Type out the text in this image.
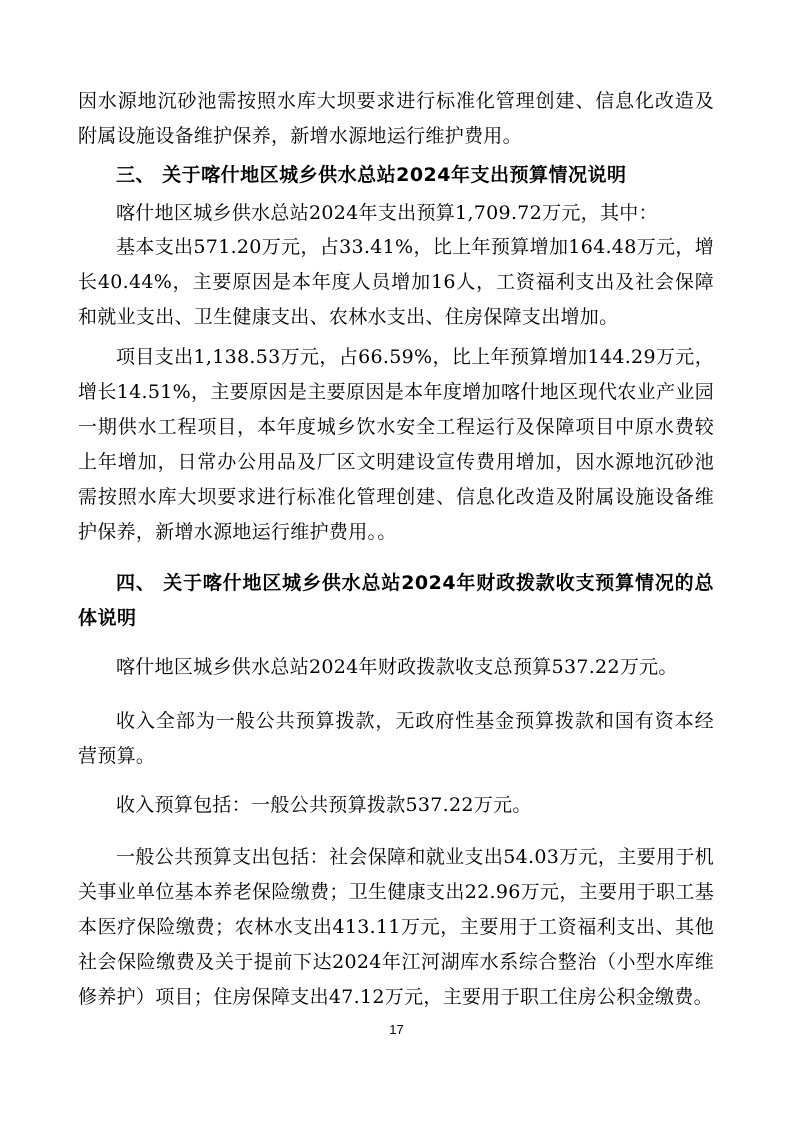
因水源地沉砂池需按照水库大坝要求进行标准化管理创建、信息化改造及附属设施设备维护保养，新增水源地运行维护费用。

三、 关于喀什地区城乡供水总站2024年支出预算情况说明

喀什地区城乡供水总站2024年支出预算1,709.72万元，其中：

基本支出571.20万元，占33.41%，比上年预算增加164.48万元，增长40.44%，主要原因是本年度人员增加16人，工资福利支出及社会保障和就业支出、卫生健康支出、农林水支出、住房保障支出增加。

项目支出1,138.53万元，占66.59%，比上年预算增加144.29万元，增长14.51%，主要原因是主要原因是本年度增加喀什地区现代农业产业园一期供水工程项目，本年度城乡饮水安全工程运行及保障项目中原水费较上年增加，日常办公用品及厂区文明建设宣传费用增加，因水源地沉砂池需按照水库大坝要求进行标准化管理创建、信息化改造及附属设施设备维护保养，新增水源地运行维护费用。。

四、 关于喀什地区城乡供水总站2024年财政拨款收支预算情况的总体说明

喀什地区城乡供水总站2024年财政拨款收支总预算537.22万元。

收入全部为一般公共预算拨款，无政府性基金预算拨款和国有资本经营预算。

收入预算包括：一般公共预算拨款537.22万元。

一般公共预算支出包括：社会保障和就业支出54.03万元，主要用于机关事业单位基本养老保险缴费；卫生健康支出22.96万元，主要用于职工基本医疗保险缴费；农林水支出413.11万元，主要用于工资福利支出、其他社会保险缴费及关于提前下达2024年江河湖库水系综合整治（小型水库维修养护）项目；住房保障支出47.12万元，主要用于职工住房公积金缴费。

17
